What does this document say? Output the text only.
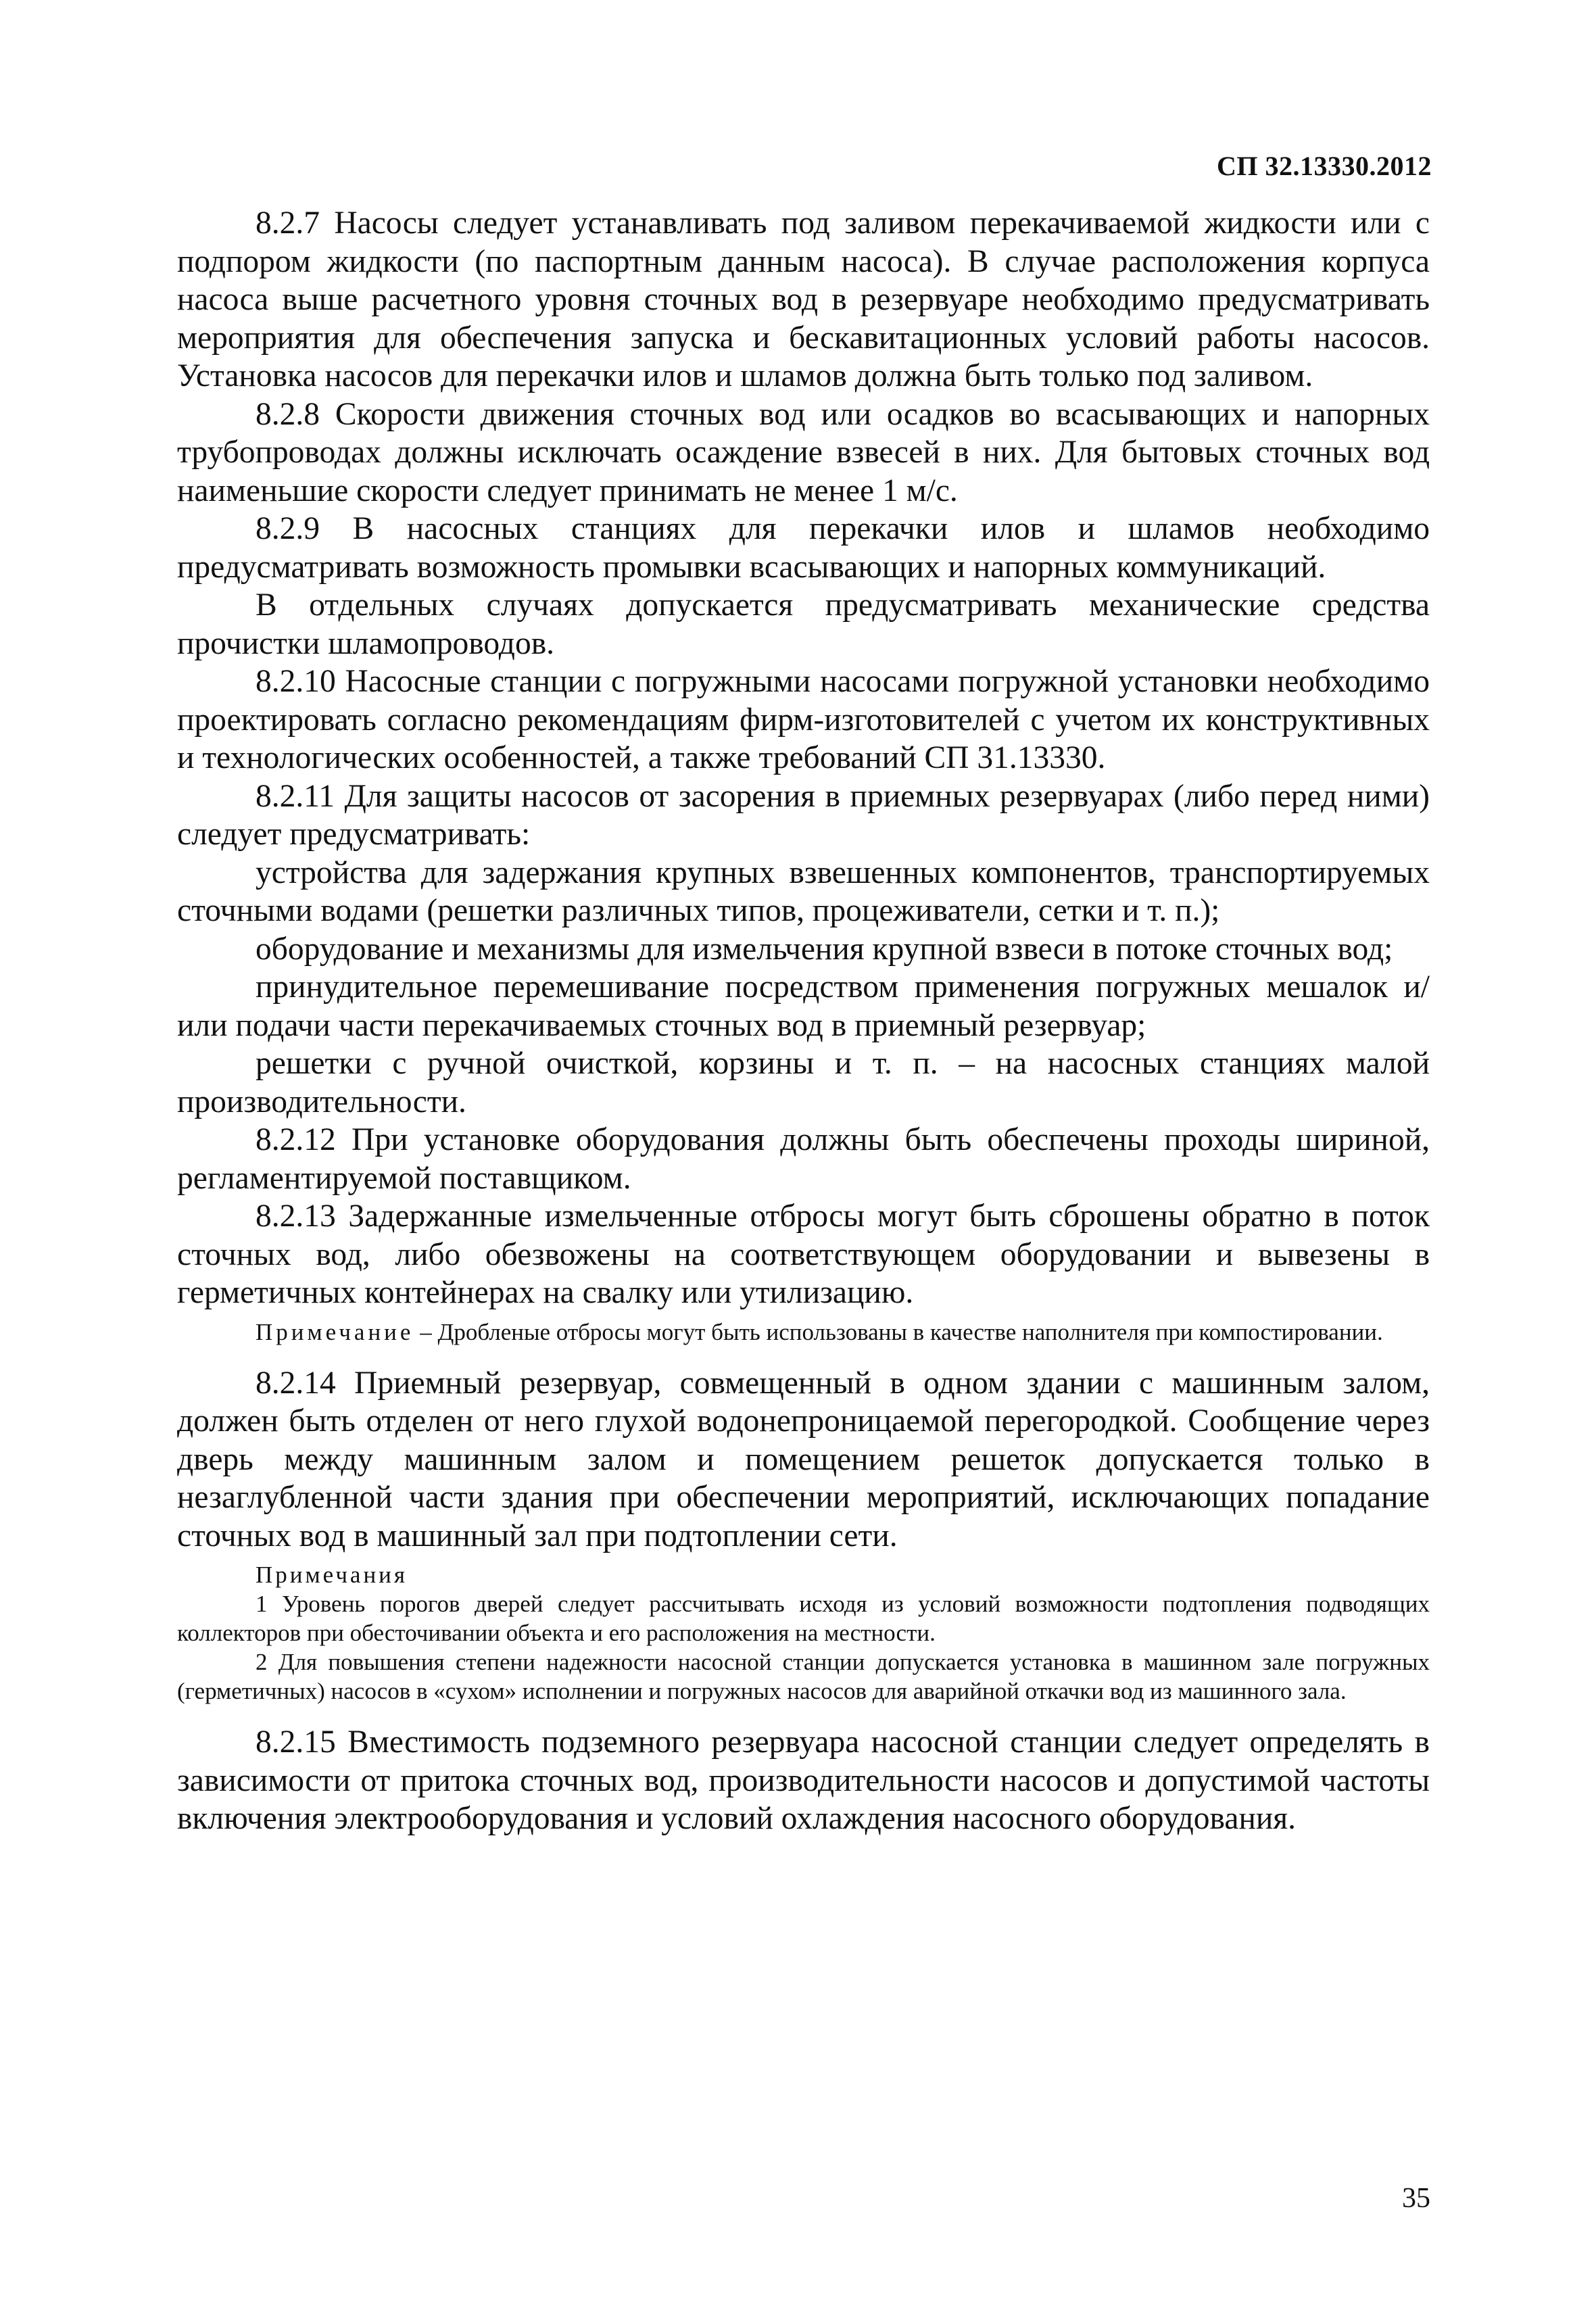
СП 32.13330.2012

8.2.7 Насосы следует устанавливать под заливом перекачиваемой жидкости или с подпором жидкости (по паспортным данным насоса). В случае расположения корпуса насоса выше расчетного уровня сточных вод в резервуаре необходимо предусматривать мероприятия для обеспечения запуска и бескавитационных условий работы насосов. Установка насосов для перекачки илов и шламов должна быть только под заливом.

8.2.8 Скорости движения сточных вод или осадков во всасывающих и напорных трубопроводах должны исключать осаждение взвесей в них. Для бытовых сточных вод наименьшие скорости следует принимать не менее 1 м/с.

8.2.9 В насосных станциях для перекачки илов и шламов необходимо предусматривать возможность промывки всасывающих и напорных коммуникаций.

В отдельных случаях допускается предусматривать механические средства прочистки шламопроводов.

8.2.10 Насосные станции с погружными насосами погружной установки необходимо проектировать согласно рекомендациям фирм-изготовителей с учетом их конструктивных и технологических особенностей, а также требований СП 31.13330.

8.2.11 Для защиты насосов от засорения в приемных резервуарах (либо перед ними) следует предусматривать:

устройства для задержания крупных взвешенных компонентов, транспортируемых сточными водами (решетки различных типов, процеживатели, сетки и т. п.);

оборудование и механизмы для измельчения крупной взвеси в потоке сточных вод;

принудительное перемешивание посредством применения погружных мешалок и/или подачи части перекачиваемых сточных вод в приемный резервуар;

решетки с ручной очисткой, корзины и т. п. – на насосных станциях малой производительности.

8.2.12 При установке оборудования должны быть обеспечены проходы шириной, регламентируемой поставщиком.

8.2.13 Задержанные измельченные отбросы могут быть сброшены обратно в поток сточных вод, либо обезвожены на соответствующем оборудовании и вывезены в герметичных контейнерах на свалку или утилизацию.

Примечание – Дробленые отбросы могут быть использованы в качестве наполнителя при компостировании.

8.2.14 Приемный резервуар, совмещенный в одном здании с машинным залом, должен быть отделен от него глухой водонепроницаемой перегородкой. Сообщение через дверь между машинным залом и помещением решеток допускается только в незаглубленной части здания при обеспечении мероприятий, исключающих попадание сточных вод в машинный зал при подтоплении сети.

Примечания

1 Уровень порогов дверей следует рассчитывать исходя из условий возможности подтопления подводящих коллекторов при обесточивании объекта и его расположения на местности.

2 Для повышения степени надежности насосной станции допускается установка в машинном зале погружных (герметичных) насосов в «сухом» исполнении и погружных насосов для аварийной откачки вод из машинного зала.

8.2.15 Вместимость подземного резервуара насосной станции следует определять в зависимости от притока сточных вод, производительности насосов и допустимой частоты включения электрооборудования и условий охлаждения насосного оборудования.

35
